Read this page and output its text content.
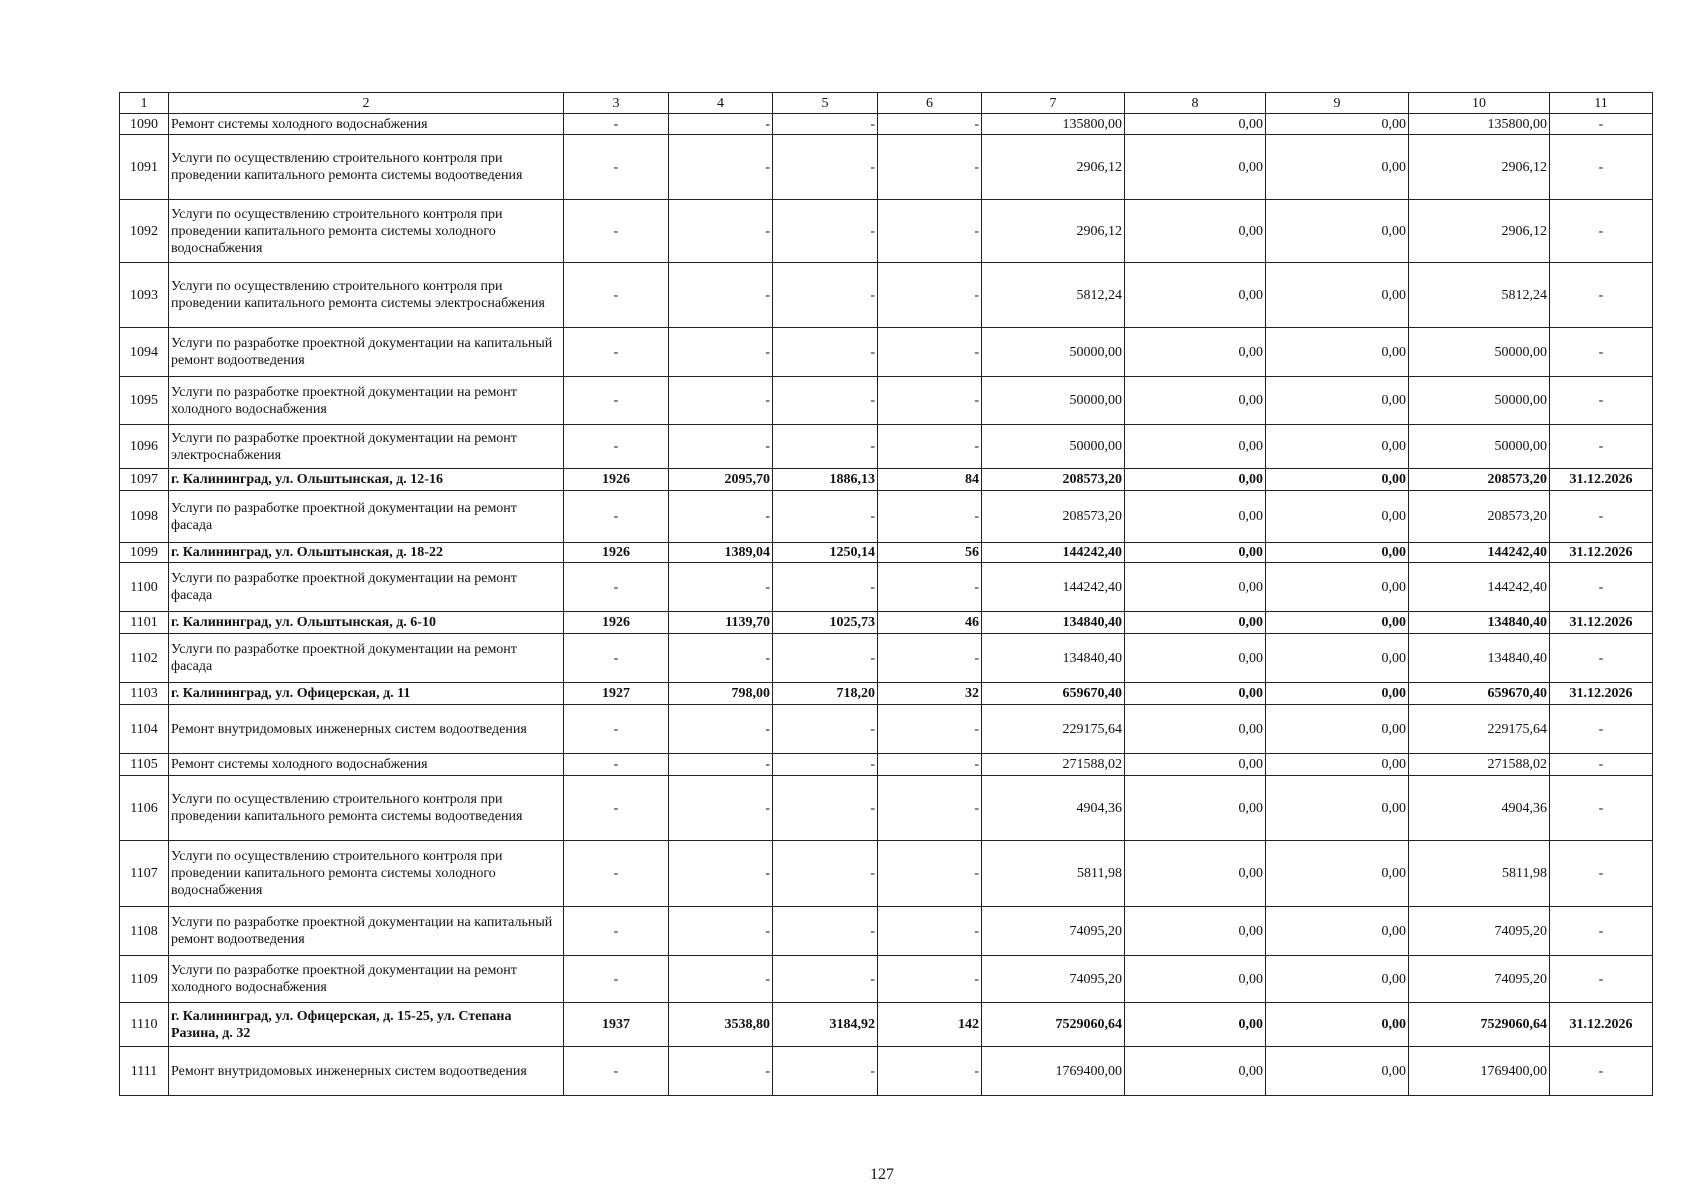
1	2	3	4	5	6	7	8	9	10	11
1090	Ремонт системы холодного водоснабжения	-	-	-	-	135800,00	0,00	0,00	135800,00	-
1091	Услуги по осуществлению строительного контроля при проведении капитального ремонта системы водоотведения	-	-	-	-	2906,12	0,00	0,00	2906,12	-
1092	Услуги по осуществлению строительного контроля при проведении капитального ремонта системы холодного водоснабжения	-	-	-	-	2906,12	0,00	0,00	2906,12	-
1093	Услуги по осуществлению строительного контроля при проведении капитального ремонта системы электроснабжения	-	-	-	-	5812,24	0,00	0,00	5812,24	-
1094	Услуги по разработке проектной документации на капитальный ремонт водоотведения	-	-	-	-	50000,00	0,00	0,00	50000,00	-
1095	Услуги по разработке проектной документации на ремонт холодного водоснабжения	-	-	-	-	50000,00	0,00	0,00	50000,00	-
1096	Услуги по разработке проектной документации на ремонт электроснабжения	-	-	-	-	50000,00	0,00	0,00	50000,00	-
1097	г. Калининград, ул. Ольштынская, д. 12-16	1926	2095,70	1886,13	84	208573,20	0,00	0,00	208573,20	31.12.2026
1098	Услуги по разработке проектной документации на ремонт фасада	-	-	-	-	208573,20	0,00	0,00	208573,20	-
1099	г. Калининград, ул. Ольштынская, д. 18-22	1926	1389,04	1250,14	56	144242,40	0,00	0,00	144242,40	31.12.2026
1100	Услуги по разработке проектной документации на ремонт фасада	-	-	-	-	144242,40	0,00	0,00	144242,40	-
1101	г. Калининград, ул. Ольштынская, д. 6-10	1926	1139,70	1025,73	46	134840,40	0,00	0,00	134840,40	31.12.2026
1102	Услуги по разработке проектной документации на ремонт фасада	-	-	-	-	134840,40	0,00	0,00	134840,40	-
1103	г. Калининград, ул. Офицерская, д. 11	1927	798,00	718,20	32	659670,40	0,00	0,00	659670,40	31.12.2026
1104	Ремонт внутридомовых инженерных систем водоотведения	-	-	-	-	229175,64	0,00	0,00	229175,64	-
1105	Ремонт системы холодного водоснабжения	-	-	-	-	271588,02	0,00	0,00	271588,02	-
1106	Услуги по осуществлению строительного контроля при проведении капитального ремонта системы водоотведения	-	-	-	-	4904,36	0,00	0,00	4904,36	-
1107	Услуги по осуществлению строительного контроля при проведении капитального ремонта системы холодного водоснабжения	-	-	-	-	5811,98	0,00	0,00	5811,98	-
1108	Услуги по разработке проектной документации на капитальный ремонт водоотведения	-	-	-	-	74095,20	0,00	0,00	74095,20	-
1109	Услуги по разработке проектной документации на ремонт холодного водоснабжения	-	-	-	-	74095,20	0,00	0,00	74095,20	-
1110	г. Калининград, ул. Офицерская, д. 15-25, ул. Степана Разина, д. 32	1937	3538,80	3184,92	142	7529060,64	0,00	0,00	7529060,64	31.12.2026
1111	Ремонт внутридомовых инженерных систем водоотведения	-	-	-	-	1769400,00	0,00	0,00	1769400,00	-
127
